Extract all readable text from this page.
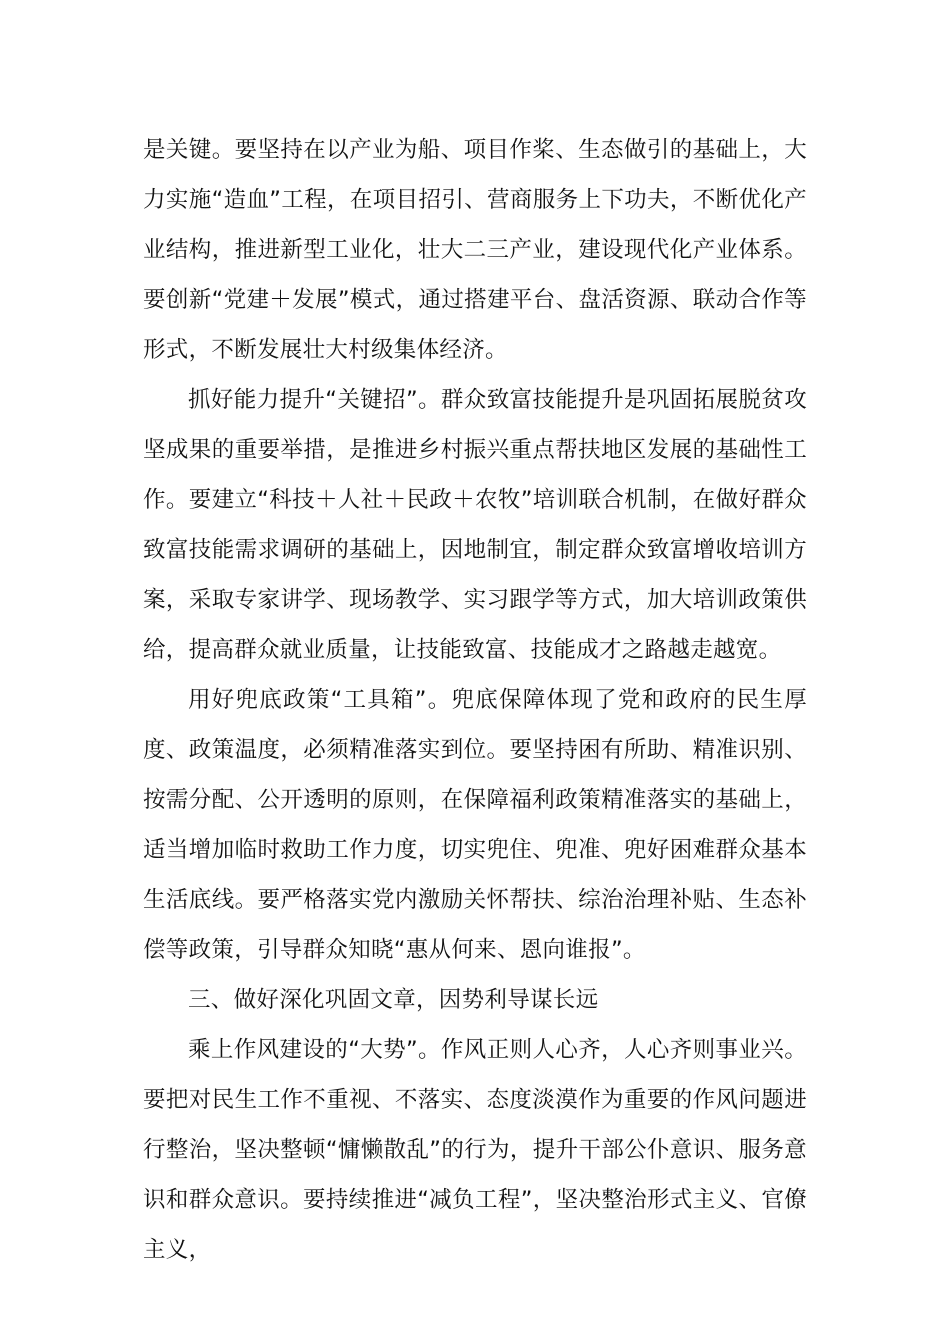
是关键。要坚持在以产业为船、项目作桨、生态做引的基础上，大力实施“造血”工程，在项目招引、营商服务上下功夫，不断优化产业结构，推进新型工业化，壮大二三产业，建设现代化产业体系。要创新“党建＋发展”模式，通过搭建平台、盘活资源、联动合作等形式，不断发展壮大村级集体经济。

抓好能力提升“关键招”。群众致富技能提升是巩固拓展脱贫攻坚成果的重要举措，是推进乡村振兴重点帮扶地区发展的基础性工作。要建立“科技＋人社＋民政＋农牧”培训联合机制，在做好群众致富技能需求调研的基础上，因地制宜，制定群众致富增收培训方案，采取专家讲学、现场教学、实习跟学等方式，加大培训政策供给，提高群众就业质量，让技能致富、技能成才之路越走越宽。

用好兜底政策“工具箱”。兜底保障体现了党和政府的民生厚度、政策温度，必须精准落实到位。要坚持困有所助、精准识别、按需分配、公开透明的原则，在保障福利政策精准落实的基础上，适当增加临时救助工作力度，切实兜住、兜准、兜好困难群众基本生活底线。要严格落实党内激励关怀帮扶、综治治理补贴、生态补偿等政策，引导群众知晓“惠从何来、恩向谁报”。

三、做好深化巩固文章，因势利导谋长远

乘上作风建设的“大势”。作风正则人心齐，人心齐则事业兴。要把对民生工作不重视、不落实、态度淡漠作为重要的作风问题进行整治，坚决整顿“慵懒散乱”的行为，提升干部公仆意识、服务意识和群众意识。要持续推进“减负工程”，坚决整治形式主义、官僚主义，
